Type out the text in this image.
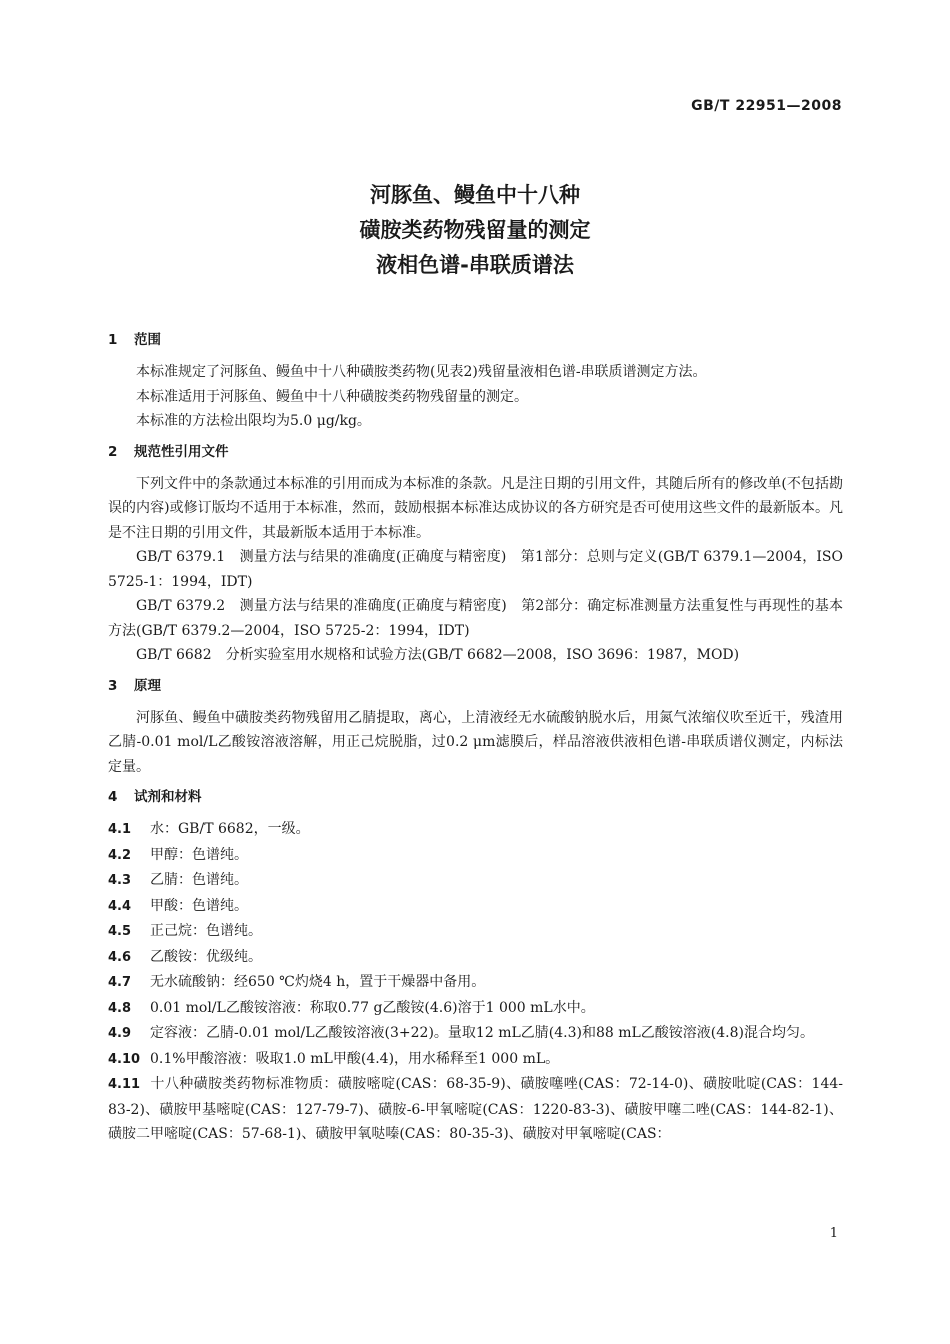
GB/T 22951—2008
河豚鱼、鳗鱼中十八种
磺胺类药物残留量的测定
液相色谱-串联质谱法
1 范围
本标准规定了河豚鱼、鳗鱼中十八种磺胺类药物(见表2)残留量液相色谱-串联质谱测定方法。
本标准适用于河豚鱼、鳗鱼中十八种磺胺类药物残留量的测定。
本标准的方法检出限均为5.0 μg/kg。
2 规范性引用文件
下列文件中的条款通过本标准的引用而成为本标准的条款。凡是注日期的引用文件，其随后所有的修改单(不包括勘误的内容)或修订版均不适用于本标准，然而，鼓励根据本标准达成协议的各方研究是否可使用这些文件的最新版本。凡是不注日期的引用文件，其最新版本适用于本标准。
GB/T 6379.1　测量方法与结果的准确度(正确度与精密度)　第1部分：总则与定义(GB/T 6379.1—2004，ISO 5725-1：1994，IDT)
GB/T 6379.2　测量方法与结果的准确度(正确度与精密度)　第2部分：确定标准测量方法重复性与再现性的基本方法(GB/T 6379.2—2004，ISO 5725-2：1994，IDT)
GB/T 6682　分析实验室用水规格和试验方法(GB/T 6682—2008，ISO 3696：1987，MOD)
3 原理
河豚鱼、鳗鱼中磺胺类药物残留用乙腈提取，离心，上清液经无水硫酸钠脱水后，用氮气浓缩仪吹至近干，残渣用乙腈-0.01 mol/L乙酸铵溶液溶解，用正己烷脱脂，过0.2 μm滤膜后，样品溶液供液相色谱-串联质谱仪测定，内标法定量。
4 试剂和材料
4.1 水：GB/T 6682，一级。
4.2 甲醇：色谱纯。
4.3 乙腈：色谱纯。
4.4 甲酸：色谱纯。
4.5 正己烷：色谱纯。
4.6 乙酸铵：优级纯。
4.7 无水硫酸钠：经650 ℃灼烧4 h，置于干燥器中备用。
4.8 0.01 mol/L乙酸铵溶液：称取0.77 g乙酸铵(4.6)溶于1 000 mL水中。
4.9 定容液：乙腈-0.01 mol/L乙酸铵溶液(3+22)。量取12 mL乙腈(4.3)和88 mL乙酸铵溶液(4.8)混合均匀。
4.10 0.1%甲酸溶液：吸取1.0 mL甲酸(4.4)，用水稀释至1 000 mL。
4.11 十八种磺胺类药物标准物质：磺胺嘧啶(CAS：68-35-9)、磺胺噻唑(CAS：72-14-0)、磺胺吡啶(CAS：144-83-2)、磺胺甲基嘧啶(CAS：127-79-7)、磺胺-6-甲氧嘧啶(CAS：1220-83-3)、磺胺甲噻二唑(CAS：144-82-1)、磺胺二甲嘧啶(CAS：57-68-1)、磺胺甲氧哒嗪(CAS：80-35-3)、磺胺对甲氧嘧啶(CAS：
1
